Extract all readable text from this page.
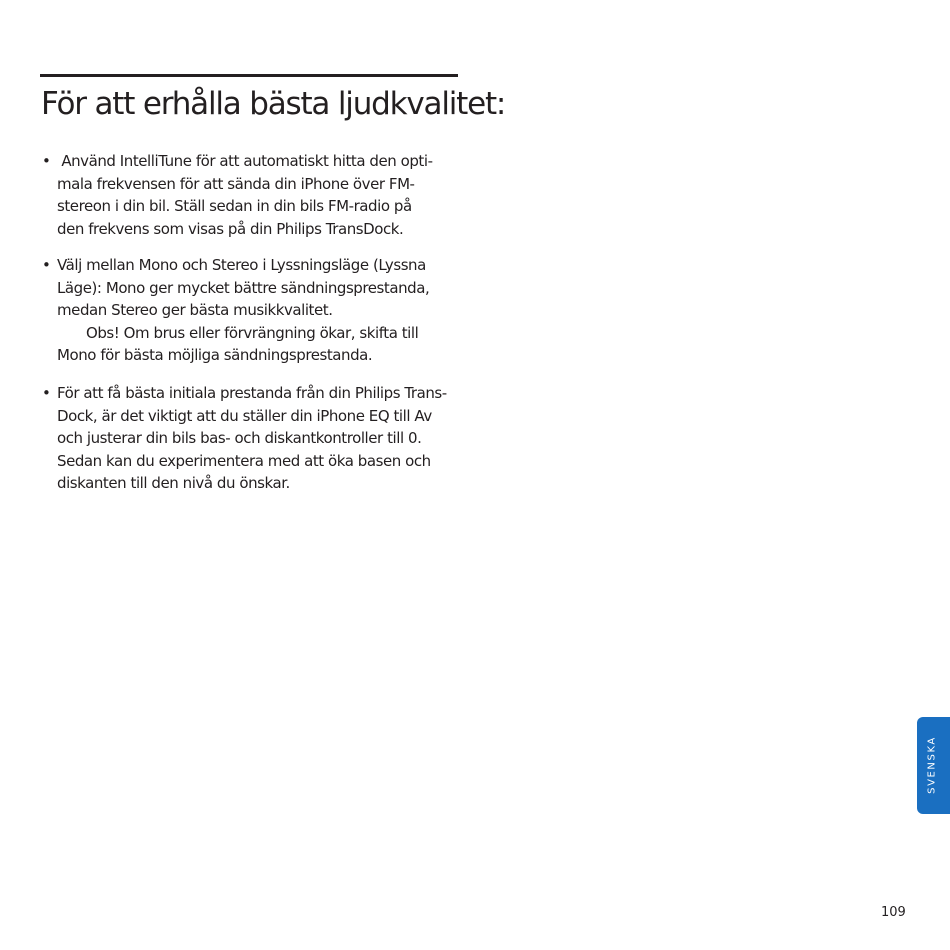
För att erhålla bästa ljudkvalitet:
• Använd IntelliTune för att automatiskt hitta den opti-
mala frekvensen för att sända din iPhone över FM-
stereon i din bil. Ställ sedan in din bils FM-radio på
den frekvens som visas på din Philips TransDock.
• Välj mellan Mono och Stereo i Lyssningsläge (Lyssna
Läge): Mono ger mycket bättre sändningsprestanda,
medan Stereo ger bästa musikkvalitet.
Obs! Om brus eller förvrängning ökar, skifta till
Mono för bästa möjliga sändningsprestanda.
• För att få bästa initiala prestanda från din Philips Trans-
Dock, är det viktigt att du ställer din iPhone EQ till Av
och justerar din bils bas- och diskantkontroller till 0.
Sedan kan du experimentera med att öka basen och
diskanten till den nivå du önskar.
SVENSKA
109
